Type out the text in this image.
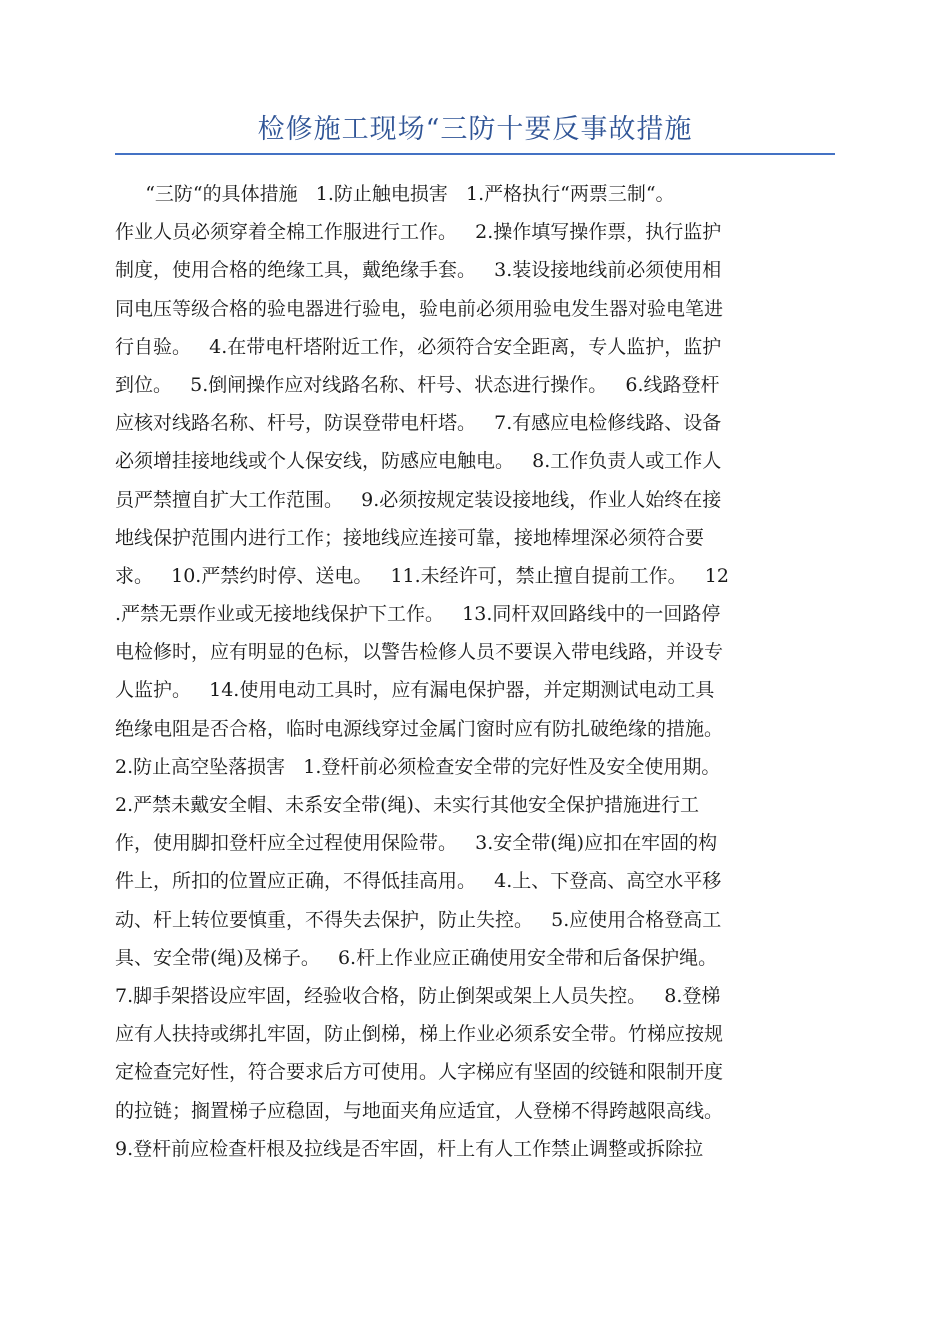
检修施工现场“三防十要反事故措施
“三防“的具体措施   1.防止触电损害   1.严格执行“两票三制“。
作业人员必须穿着全棉工作服进行工作。   2.操作填写操作票，执行监护
制度，使用合格的绝缘工具，戴绝缘手套。   3.装设接地线前必须使用相
同电压等级合格的验电器进行验电，验电前必须用验电发生器对验电笔进
行自验。   4.在带电杆塔附近工作，必须符合安全距离，专人监护，监护
到位。   5.倒闸操作应对线路名称、杆号、状态进行操作。   6.线路登杆
应核对线路名称、杆号，防误登带电杆塔。   7.有感应电检修线路、设备
必须增挂接地线或个人保安线，防感应电触电。   8.工作负责人或工作人
员严禁擅自扩大工作范围。   9.必须按规定装设接地线，作业人始终在接
地线保护范围内进行工作；接地线应连接可靠，接地棒埋深必须符合要
求。   10.严禁约时停、送电。   11.未经许可，禁止擅自提前工作。   12
.严禁无票作业或无接地线保护下工作。   13.同杆双回路线中的一回路停
电检修时，应有明显的色标，以警告检修人员不要误入带电线路，并设专
人监护。   14.使用电动工具时，应有漏电保护器，并定期测试电动工具
绝缘电阻是否合格，临时电源线穿过金属门窗时应有防扎破绝缘的措施。
2.防止高空坠落损害   1.登杆前必须检查安全带的完好性及安全使用期。
2.严禁未戴安全帽、未系安全带(绳)、未实行其他安全保护措施进行工
作，使用脚扣登杆应全过程使用保险带。   3.安全带(绳)应扣在牢固的构
件上，所扣的位置应正确，不得低挂高用。   4.上、下登高、高空水平移
动、杆上转位要慎重，不得失去保护，防止失控。   5.应使用合格登高工
具、安全带(绳)及梯子。   6.杆上作业应正确使用安全带和后备保护绳。
7.脚手架搭设应牢固，经验收合格，防止倒架或架上人员失控。   8.登梯
应有人扶持或绑扎牢固，防止倒梯，梯上作业必须系安全带。竹梯应按规
定检查完好性，符合要求后方可使用。人字梯应有坚固的绞链和限制开度
的拉链；搁置梯子应稳固，与地面夹角应适宜，人登梯不得跨越限高线。
9.登杆前应检查杆根及拉线是否牢固，杆上有人工作禁止调整或拆除拉
